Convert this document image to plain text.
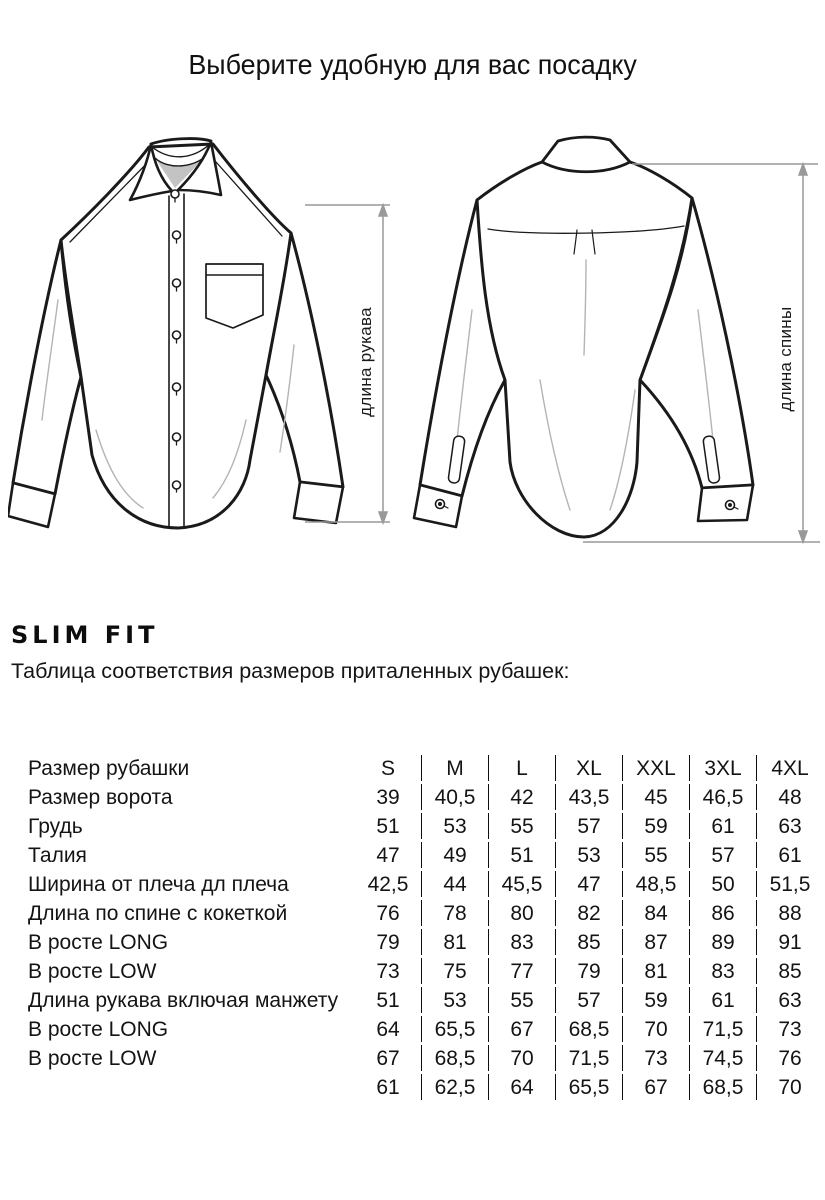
Выберите удобную для вас посадку
длина рукава	длина спины
SLIM FIT
Таблица соответствия размеров приталенных рубашек:
Размер рубашки	S	M	L	XL	XXL	3XL	4XL
Размер ворота	39	40,5	42	43,5	45	46,5	48
Грудь	51	53	55	57	59	61	63
Талия	47	49	51	53	55	57	61
Ширина от плеча дл плеча	42,5	44	45,5	47	48,5	50	51,5
Длина по спине с кокеткой	76	78	80	82	84	86	88
В росте LONG	79	81	83	85	87	89	91
В росте LOW	73	75	77	79	81	83	85
Длина рукава включая манжету	51	53	55	57	59	61	63
В росте LONG	64	65,5	67	68,5	70	71,5	73
В росте LOW	67	68,5	70	71,5	73	74,5	76
	61	62,5	64	65,5	67	68,5	70
